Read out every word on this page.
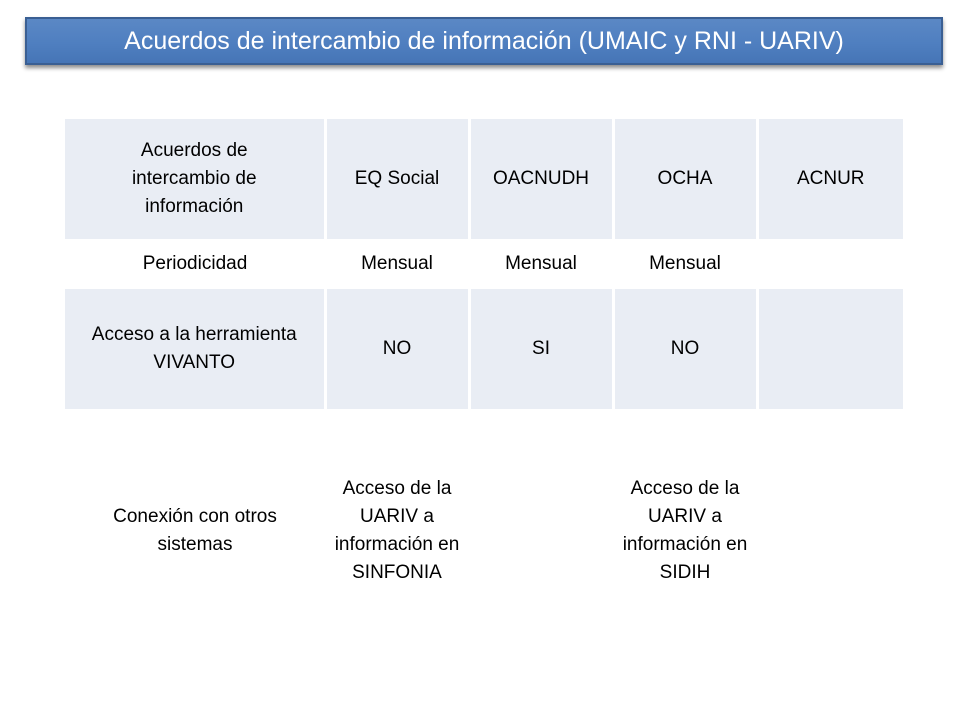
Acuerdos de intercambio de información (UMAIC y RNI - UARIV)
Acuerdos de intercambio de información	EQ Social	OACNUDH	OCHA	ACNUR
Periodicidad	Mensual	Mensual	Mensual	
Acceso a la herramienta VIVANTO	NO	SI	NO	
Conexión con otros sistemas	Acceso de la UARIV a información en SINFONIA		Acceso de la UARIV a información en SIDIH	
